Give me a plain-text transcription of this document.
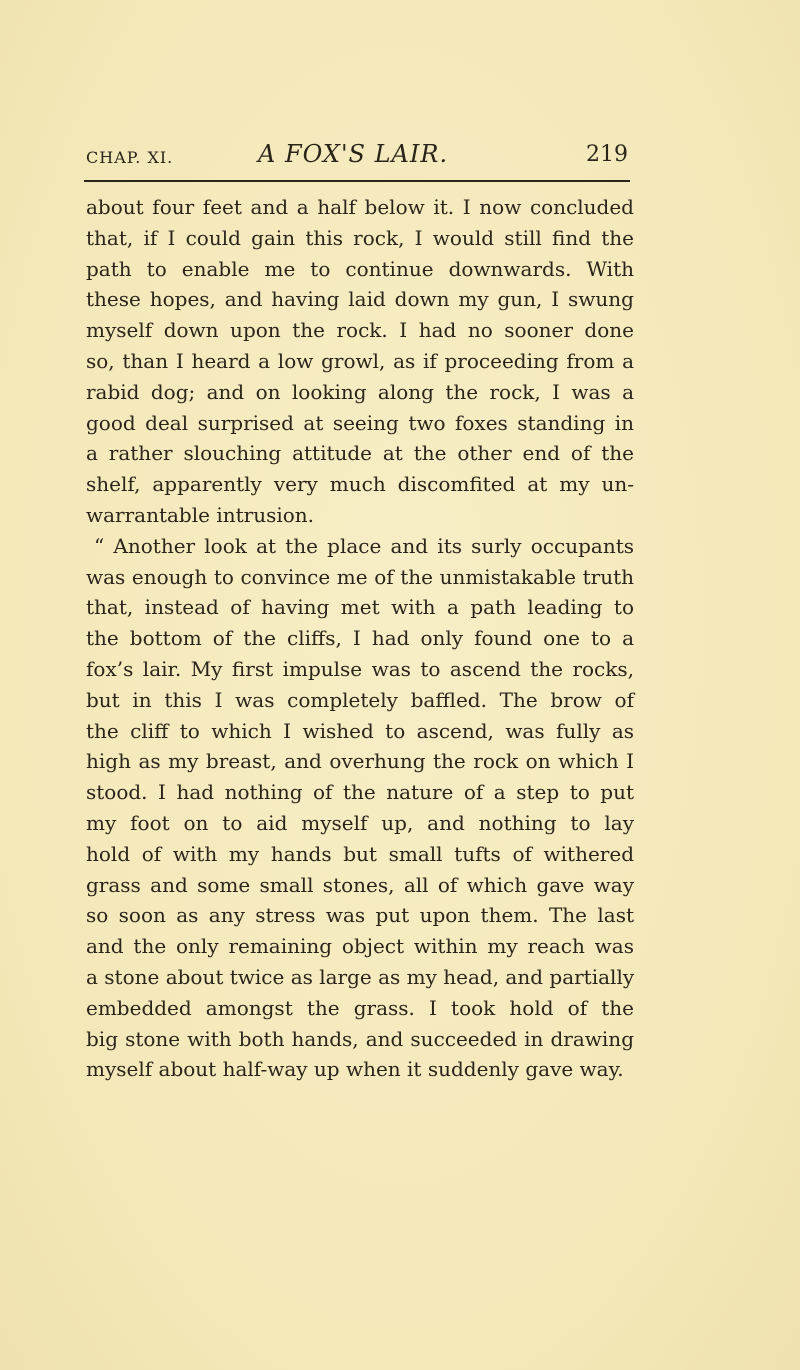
CHAP. XI.	A FOX'S LAIR.	219
about four feet and a half below it. I now concluded
that, if I could gain this rock, I would still find the
path to enable me to continue downwards. With
these hopes, and having laid down my gun, I swung
myself down upon the rock. I had no sooner done
so, than I heard a low growl, as if proceeding from a
rabid dog; and on looking along the rock, I was a
good deal surprised at seeing two foxes standing in
a rather slouching attitude at the other end of the
shelf, apparently very much discomfited at my un-
warrantable intrusion.
“ Another look at the place and its surly occupants
was enough to convince me of the unmistakable truth
that, instead of having met with a path leading to
the bottom of the cliffs, I had only found one to a
fox’s lair. My first impulse was to ascend the rocks,
but in this I was completely baffled. The brow of
the cliff to which I wished to ascend, was fully as
high as my breast, and overhung the rock on which I
stood. I had nothing of the nature of a step to put
my foot on to aid myself up, and nothing to lay
hold of with my hands but small tufts of withered
grass and some small stones, all of which gave way
so soon as any stress was put upon them. The last
and the only remaining object within my reach was
a stone about twice as large as my head, and partially
embedded amongst the grass. I took hold of the
big stone with both hands, and succeeded in drawing
myself about half-way up when it suddenly gave way.
